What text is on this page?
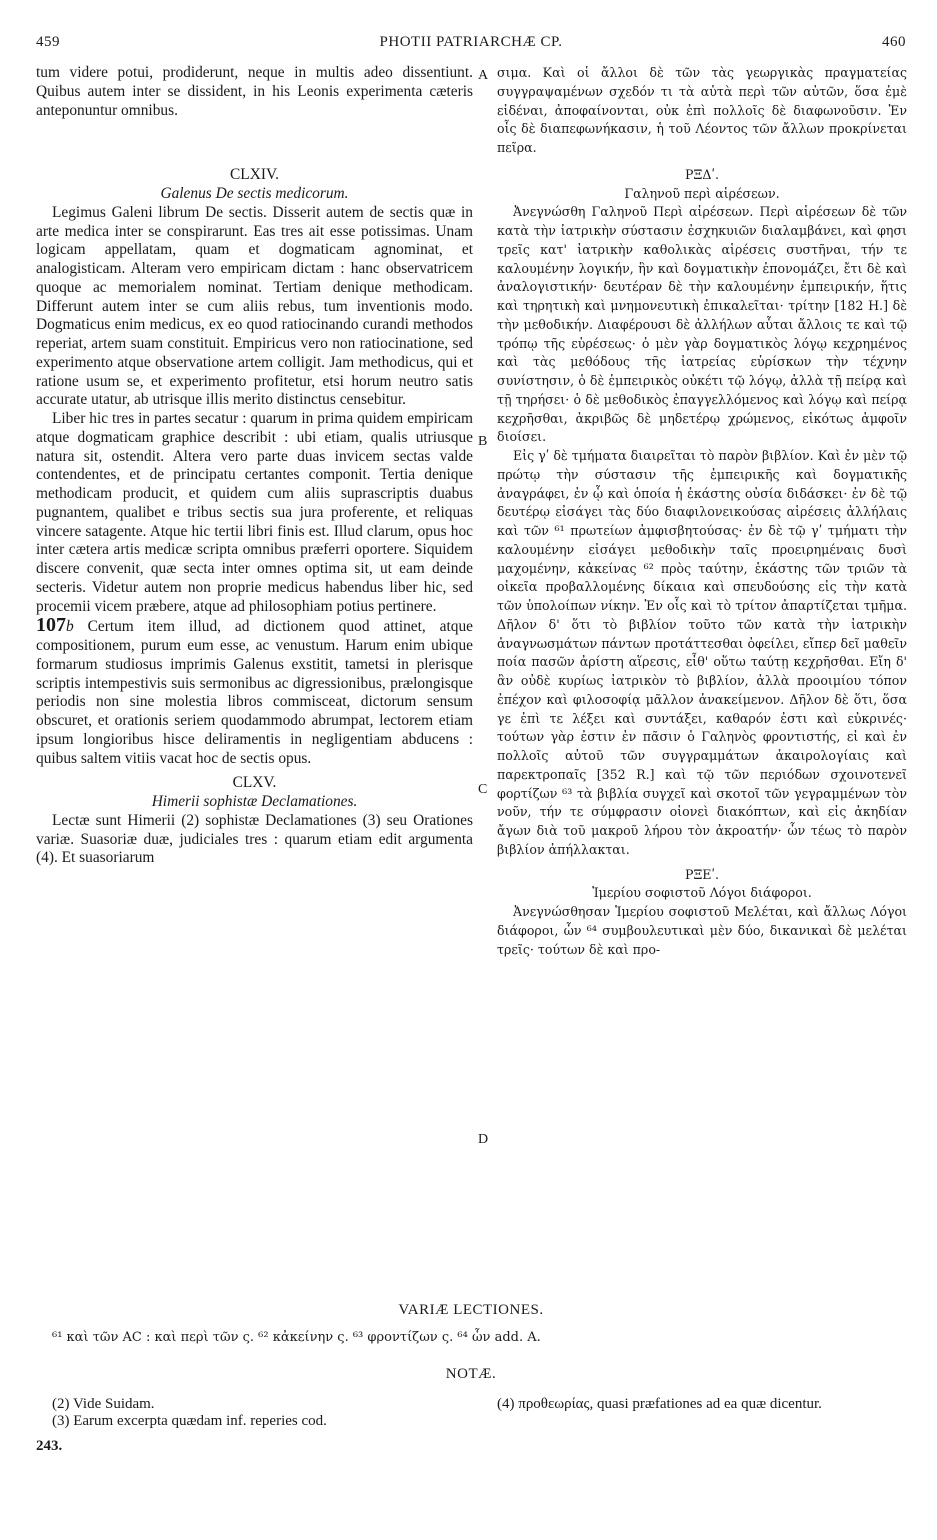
459	PHOTII PATRIARCHÆ CP.	460

tum videre potui, prodiderunt, neque in multis adeo dissentiunt. Quibus autem inter se dissident, in his Leonis experimenta cæteris anteponuntur omnibus.

CLXIV.

Galenus De sectis medicorum.

Legimus Galeni librum De sectis. Disserit autem de sectis quæ in arte medica inter se conspirarunt. Eas tres ait esse potissimas. Unam logicam appellatam, quam et dogmaticam agnominat, et analogisticam. Alteram vero empiricam dictam : hanc observatricem quoque ac memorialem nominat. Tertiam denique methodicam. Differunt autem inter se cum aliis rebus, tum inventionis modo. Dogmaticus enim medicus, ex eo quod ratiocinando curandi methodos reperiat, artem suam constituit. Empiricus vero non ratiocinatione, sed experimento atque observatione artem colligit. Jam methodicus, qui et ratione usum se, et experimento profitetur, etsi horum neutro satis accurate utatur, ab utrisque illis merito distinctus censebitur.

Liber hic tres in partes secatur : quarum in prima quidem empiricam atque dogmaticam graphice describit : ubi etiam, qualis utriusque natura sit, ostendit. Altera vero parte duas invicem sectas valde contendentes, et de principatu certantes componit. Tertia denique methodicam producit, et quidem cum aliis suprascriptis duabus pugnantem, qualibet e tribus sectis sua jura proferente, et reliquas vincere satagente. Atque hic tertii libri finis est. Illud clarum, opus hoc inter cætera artis medicæ scripta omnibus præferri oportere. Siquidem discere convenit, quæ secta inter omnes optima sit, ut eam deinde secteris. Videtur autem non proprie medicus habendus liber hic, sed procemii vicem præbere, atque ad philosophiam potius pertinere.

107b Certum item illud, ad dictionem quod attinet, atque compositionem, purum eum esse, ac venustum. Harum enim ubique formarum studiosus imprimis Galenus exstitit, tametsi in plerisque scriptis intempestivis suis sermonibus ac digressionibus, prælongisque periodis non sine molestia libros commisceat, dictorum sensum obscuret, et orationis seriem quodammodo abrumpat, lectorem etiam ipsum longioribus hisce deliramentis in negligentiam abducens : quibus saltem vitiis vacat hoc de sectis opus.

CLXV.

Himerii sophistæ Declamationes.

Lectæ sunt Himerii (2) sophistæ Declamationes (3) seu Orationes variæ. Suasoriæ duæ, judiciales tres : quarum etiam edit argumenta (4). Et suasoriarum

A
B
C
D

σιμα. Καὶ οἱ ἄλλοι δὲ τῶν τὰς γεωργικὰς πραγματείας συγγραψαμένων σχεδόν τι τὰ αὐτὰ περὶ τῶν αὐτῶν, ὅσα ἐμὲ εἰδέναι, ἀποφαίνονται, οὐκ ἐπὶ πολλοῖς δὲ διαφωνοῦσιν. Ἐν οἷς δὲ διαπεφωνήκασιν, ἡ τοῦ Λέοντος τῶν ἄλλων προκρίνεται πεῖρα.

ΡΞΔʹ.

Γαληνοῦ περὶ αἱρέσεων.

Ἀνεγνώσθη Γαληνοῦ Περὶ αἱρέσεων. Περὶ αἱρέσεων δὲ τῶν κατὰ τὴν ἰατρικὴν σύστασιν ἐσχηκυιῶν διαλαμβάνει, καὶ φησι τρεῖς κατ' ἰατρικὴν καθολικὰς αἱρέσεις συστῆναι, τήν τε καλουμένην λογικήν, ἣν καὶ δογματικὴν ἐπονομάζει, ἔτι δὲ καὶ ἀναλογιστικήν· δευτέραν δὲ τὴν καλουμένην ἐμπειρικήν, ἥτις καὶ τηρητικὴ καὶ μνημονευτικὴ ἐπικαλεῖται· τρίτην [182 H.] δὲ τὴν μεθοδικήν. Διαφέρουσι δὲ ἀλλήλων αὗται ἄλλοις τε καὶ τῷ τρόπῳ τῆς εὑρέσεως· ὁ μὲν γὰρ δογματικὸς λόγῳ κεχρημένος καὶ τὰς μεθόδους τῆς ἰατρείας εὑρίσκων τὴν τέχνην συνίστησιν, ὁ δὲ ἐμπειρικὸς οὐκέτι τῷ λόγῳ, ἀλλὰ τῇ πείρᾳ καὶ τῇ τηρήσει· ὁ δὲ μεθοδικὸς ἐπαγγελλόμενος καὶ λόγῳ καὶ πείρᾳ κεχρῆσθαι, ἀκριβῶς δὲ μηδετέρῳ χρώμενος, εἰκότως ἀμφοῖν διοίσει.

Εἰς γʹ δὲ τμήματα διαιρεῖται τὸ παρὸν βιβλίον. Καὶ ἐν μὲν τῷ πρώτῳ τὴν σύστασιν τῆς ἐμπειρικῆς καὶ δογματικῆς ἀναγράφει, ἐν ᾧ καὶ ὁποία ἡ ἑκάστης οὐσία διδάσκει· ἐν δὲ τῷ δευτέρῳ εἰσάγει τὰς δύο διαφιλονεικούσας αἱρέσεις ἀλλήλαις καὶ τῶν ⁶¹ πρωτείων ἀμφισβητούσας· ἐν δὲ τῷ γʹ τμήματι τὴν καλουμένην εἰσάγει μεθοδικὴν ταῖς προειρημέναις δυσὶ μαχομένην, κἀκείνας ⁶² πρὸς ταύτην, ἑκάστης τῶν τριῶν τὰ οἰκεῖα προβαλλομένης δίκαια καὶ σπευδούσης εἰς τὴν κατὰ τῶν ὑπολοίπων νίκην. Ἐν οἷς καὶ τὸ τρίτον ἀπαρτίζεται τμῆμα. Δῆλον δ' ὅτι τὸ βιβλίον τοῦτο τῶν κατὰ τὴν ἰατρικὴν ἀναγνωσμάτων πάντων προτάττεσθαι ὀφείλει, εἴπερ δεῖ μαθεῖν ποία πασῶν ἀρίστη αἵρεσις, εἶθ' οὕτω ταύτῃ κεχρῆσθαι. Εἴη δ' ἂν οὐδὲ κυρίως ἰατρικὸν τὸ βιβλίον, ἀλλὰ προοιμίου τόπον ἐπέχον καὶ φιλοσοφίᾳ μᾶλλον ἀνακείμενον. Δῆλον δὲ ὅτι, ὅσα γε ἐπὶ τε λέξει καὶ συντάξει, καθαρόν ἐστι καὶ εὐκρινές· τούτων γὰρ ἐστιν ἐν πᾶσιν ὁ Γαληνὸς φροντιστής, εἰ καὶ ἐν πολλοῖς αὐτοῦ τῶν συγγραμμάτων ἀκαιρολογίαις καὶ παρεκτροπαῖς [352 R.] καὶ τῷ τῶν περιόδων σχοινοτενεῖ φορτίζων ⁶³ τὰ βιβλία συγχεῖ καὶ σκοτοῖ τῶν γεγραμμένων τὸν νοῦν, τήν τε σύμφρασιν οἱονεὶ διακόπτων, καὶ εἰς ἀκηδίαν ἄγων διὰ τοῦ μακροῦ λήρου τὸν ἀκροατήν· ὧν τέως τὸ παρὸν βιβλίον ἀπήλλακται.

ΡΞΕʹ.

Ἱμερίου σοφιστοῦ Λόγοι διάφοροι.

Ἀνεγνώσθησαν Ἱμερίου σοφιστοῦ Μελέται, καὶ ἄλλως Λόγοι διάφοροι, ὧν ⁶⁴ συμβουλευτικαὶ μὲν δύο, δικανικαὶ δὲ μελέται τρεῖς· τούτων δὲ καὶ προ-

VARIÆ LECTIONES.
⁶¹ καὶ τῶν AC : καὶ περὶ τῶν ς. ⁶² κἀκείνην ς. ⁶³ φροντίζων ς. ⁶⁴ ὧν add. A.
NOTÆ.

(2) Vide Suidam.

(3) Earum excerpta quædam inf. reperies cod.

(4) προθεωρίας, quasi præfationes ad ea quæ dicentur.

243.
